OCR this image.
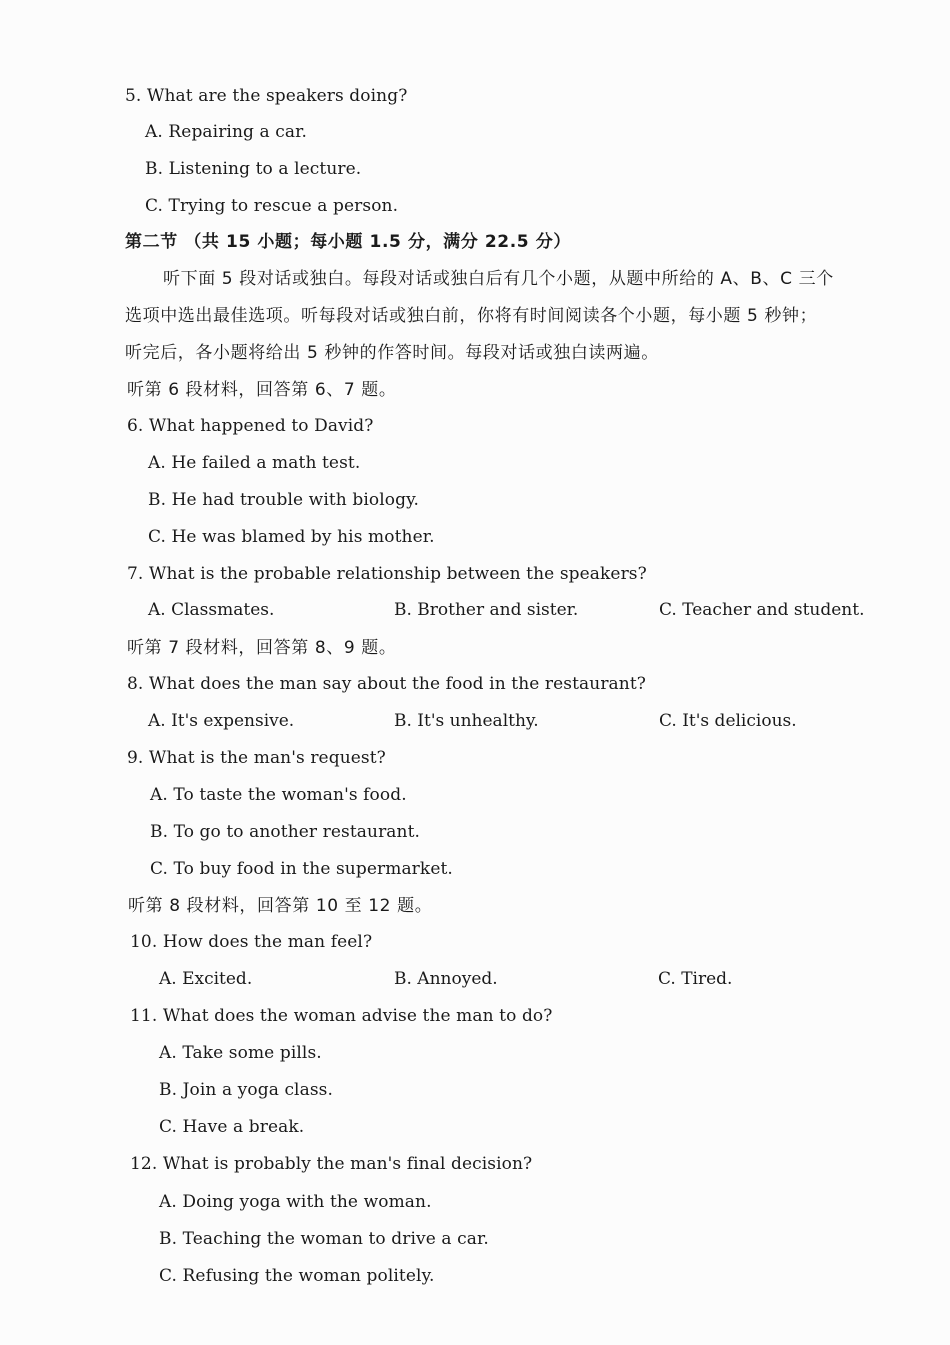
5. What are the speakers doing?
A. Repairing a car.
B. Listening to a lecture.
C. Trying to rescue a person.
第二节 （共 15 小题；每小题 1.5 分，满分 22.5 分）
听下面 5 段对话或独白。每段对话或独白后有几个小题，从题中所给的 A、B、C 三个
选项中选出最佳选项。听每段对话或独白前，你将有时间阅读各个小题，每小题 5 秒钟；
听完后，各小题将给出 5 秒钟的作答时间。每段对话或独白读两遍。
听第 6 段材料，回答第 6、7 题。
6. What happened to David?
A. He failed a math test.
B. He had trouble with biology.
C. He was blamed by his mother.
7. What is the probable relationship between the speakers?
A. Classmates.	B. Brother and sister.	C. Teacher and student.
听第 7 段材料，回答第 8、9 题。
8. What does the man say about the food in the restaurant?
A. It's expensive.	B. It's unhealthy.	C. It's delicious.
9. What is the man's request?
A. To taste the woman's food.
B. To go to another restaurant.
C. To buy food in the supermarket.
听第 8 段材料，回答第 10 至 12 题。
10. How does the man feel?
A. Excited.	B. Annoyed.	C. Tired.
11. What does the woman advise the man to do?
A. Take some pills.
B. Join a yoga class.
C. Have a break.
12. What is probably the man's final decision?
A. Doing yoga with the woman.
B. Teaching the woman to drive a car.
C. Refusing the woman politely.
